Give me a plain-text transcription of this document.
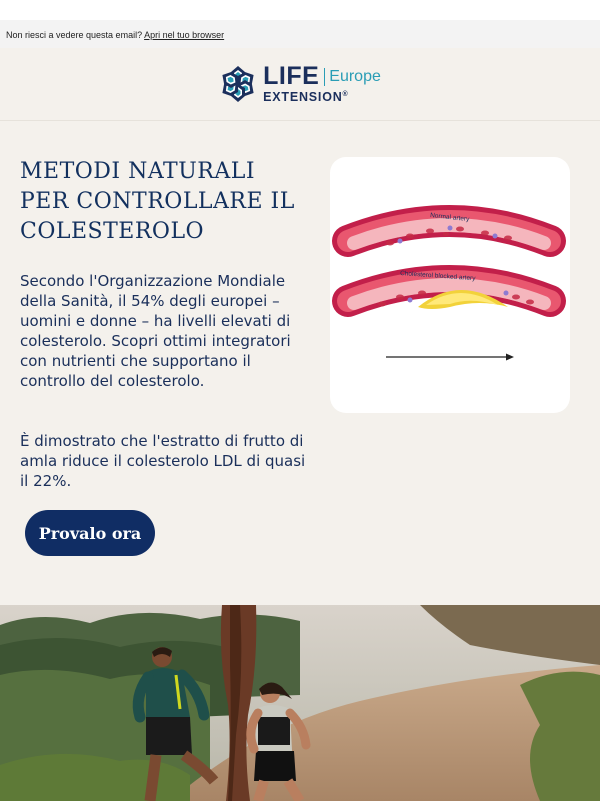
Non riesci a vedere questa email? Apri nel tuo browser
LIFE Europe
EXTENSION®
METODI NATURALI PER CONTROLLARE IL COLESTEROLO

Secondo l'Organizzazione Mondiale della Sanità, il 54% degli europei – uomini e donne – ha livelli elevati di colesterolo. Scopri ottimi integratori con nutrienti che supportano il controllo del colesterolo.

È dimostrato che l'estratto di frutto di amla riduce il colesterolo LDL di quasi il 22%.

Provalo ora
Normal artery
Cholesterol blocked artery
